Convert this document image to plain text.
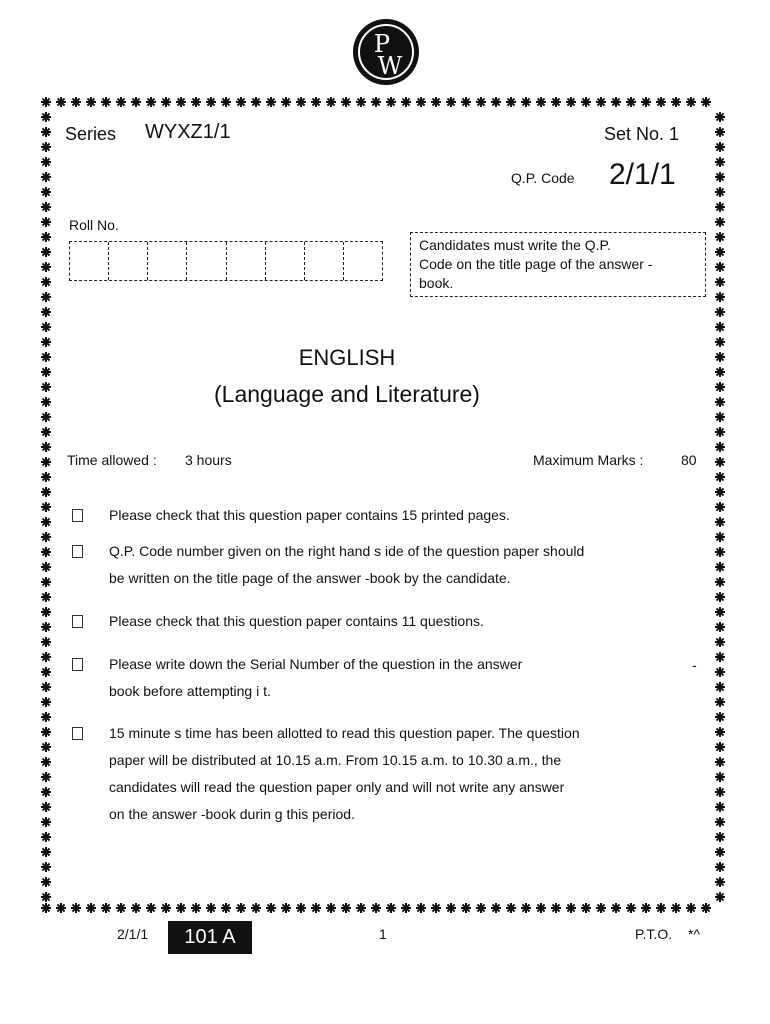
P
W
Series WYXZ1/1	Set No. 1
Q.P. Code 2/1/1
Roll No.
Candidates must write the Q.P.
Code on the title page of the answer -
book.
ENGLISH
(Language and Literature)
Time allowed : 3 hours	Maximum Marks :	80
Please check that this question paper contains 15 printed pages.
Q.P. Code number given on the right hand s ide of the question paper should
be written on the title page of the answer -book by the candidate.
Please check that this question paper contains 11 questions.
Please write down the Serial Number of the question in the answer
book before attempting i t.
-
15 minute s time has been allotted to read this question paper. The question
paper will be distributed at 10.15 a.m. From 10.15 a.m. to 10.30 a.m., the
candidates will read the question paper only and will not write any answer
on the answer -book durin g this period.
2/1/1	101 A	1	P.T.O. *^
